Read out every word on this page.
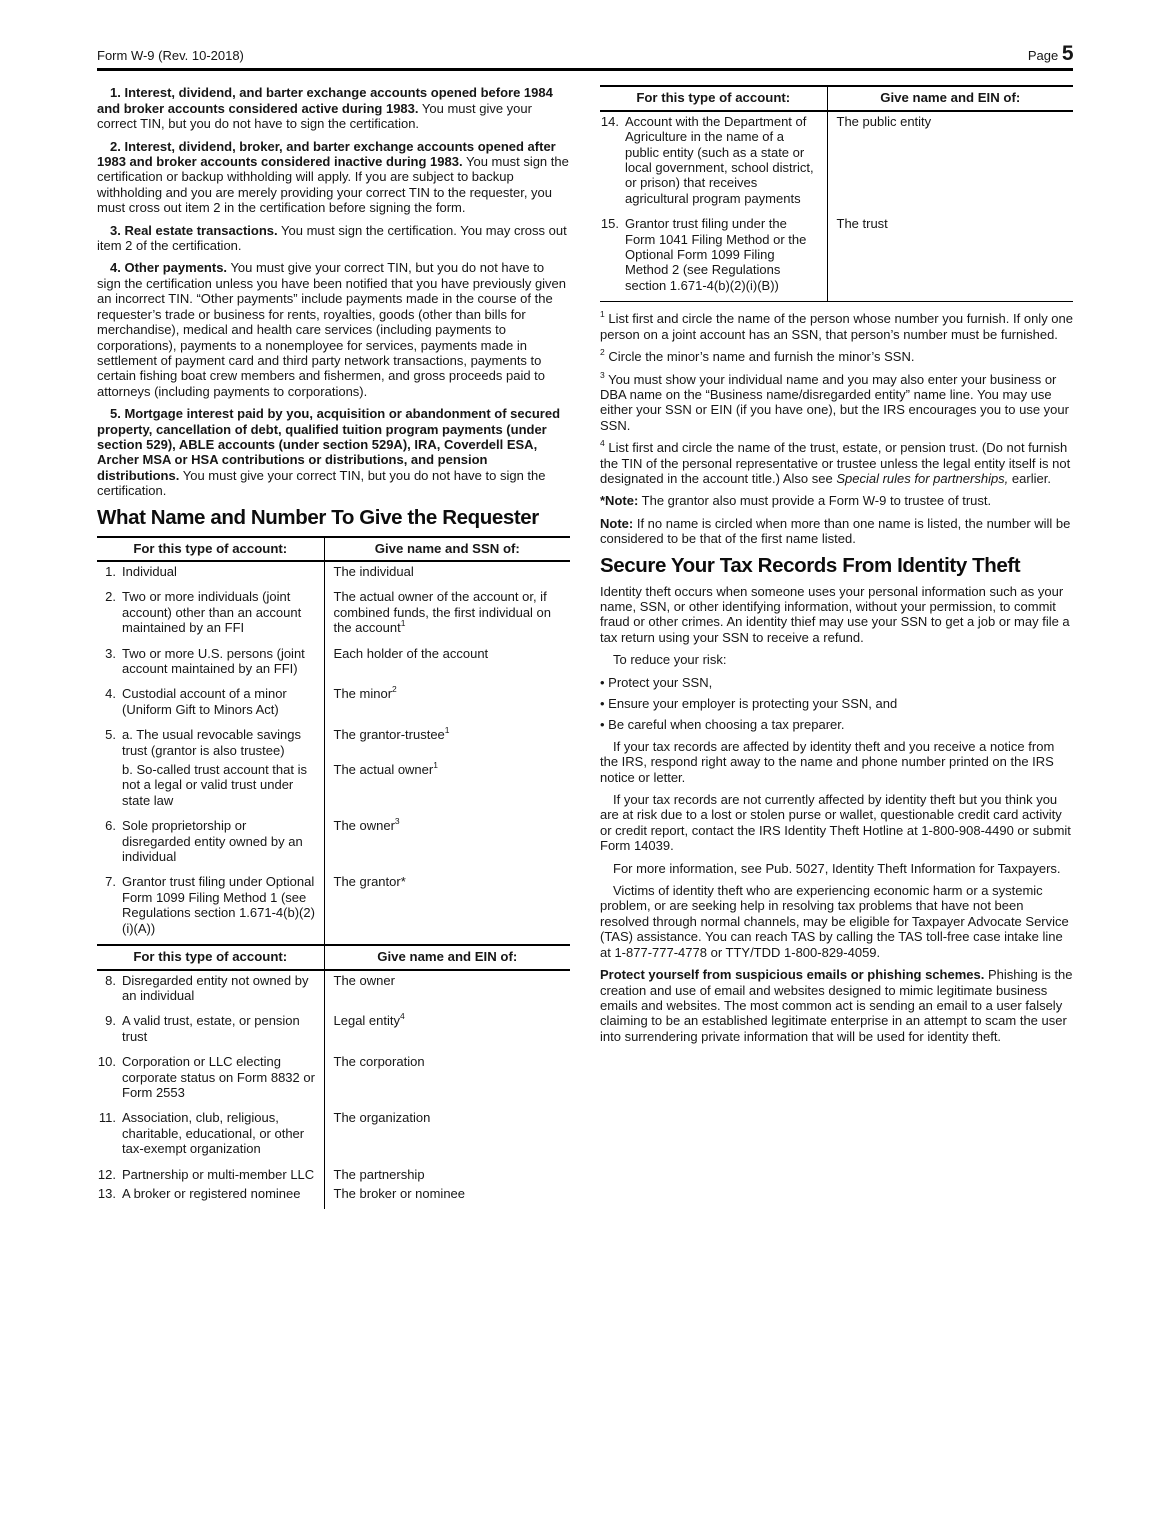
Form W-9 (Rev. 10-2018)	Page 5

1. Interest, dividend, and barter exchange accounts opened before 1984 and broker accounts considered active during 1983. You must give your correct TIN, but you do not have to sign the certification.

2. Interest, dividend, broker, and barter exchange accounts opened after 1983 and broker accounts considered inactive during 1983. You must sign the certification or backup withholding will apply. If you are subject to backup withholding and you are merely providing your correct TIN to the requester, you must cross out item 2 in the certification before signing the form.

3. Real estate transactions. You must sign the certification. You may cross out item 2 of the certification.

4. Other payments. You must give your correct TIN, but you do not have to sign the certification unless you have been notified that you have previously given an incorrect TIN. “Other payments” include payments made in the course of the requester’s trade or business for rents, royalties, goods (other than bills for merchandise), medical and health care services (including payments to corporations), payments to a nonemployee for services, payments made in settlement of payment card and third party network transactions, payments to certain fishing boat crew members and fishermen, and gross proceeds paid to attorneys (including payments to corporations).

5. Mortgage interest paid by you, acquisition or abandonment of secured property, cancellation of debt, qualified tuition program payments (under section 529), ABLE accounts (under section 529A), IRA, Coverdell ESA, Archer MSA or HSA contributions or distributions, and pension distributions. You must give your correct TIN, but you do not have to sign the certification.

What Name and Number To Give the Requester
For this type of account:	Give name and SSN of:

1. Individual	The individual

2. Two or more individuals (joint account) other than an account maintained by an FFI	The actual owner of the account or, if combined funds, the first individual on the account$^1$

3. Two or more U.S. persons (joint account maintained by an FFI)	Each holder of the account

4. Custodial account of a minor (Uniform Gift to Minors Act)	The minor$^2$

5. a. The usual revocable savings trust (grantor is also trustee)	The grantor-trustee$^1$

b. So-called trust account that is not a legal or valid trust under state law	The actual owner$^1$

6. Sole proprietorship or disregarded entity owned by an individual	The owner$^3$

7. Grantor trust filing under Optional Form 1099 Filing Method 1 (see Regulations section 1.671-4(b)(2)(i)(A))	The grantor*
For this type of account:	Give name and EIN of:

8. Disregarded entity not owned by an individual	The owner

9. A valid trust, estate, or pension trust	Legal entity$^4$

10. Corporation or LLC electing corporate status on Form 8832 or Form 2553	The corporation

11. Association, club, religious, charitable, educational, or other tax-exempt organization	The organization

12. Partnership or multi-member LLC	The partnership

13. A broker or registered nominee	The broker or nominee
For this type of account:	Give name and EIN of:

14. Account with the Department of Agriculture in the name of a public entity (such as a state or local government, school district, or prison) that receives agricultural program payments	The public entity

15. Grantor trust filing under the Form 1041 Filing Method or the Optional Form 1099 Filing Method 2 (see Regulations section 1.671-4(b)(2)(i)(B))	The trust

$^1$ List first and circle the name of the person whose number you furnish. If only one person on a joint account has an SSN, that person’s number must be furnished.

$^2$ Circle the minor’s name and furnish the minor’s SSN.

$^3$ You must show your individual name and you may also enter your business or DBA name on the “Business name/disregarded entity” name line. You may use either your SSN or EIN (if you have one), but the IRS encourages you to use your SSN.

$^4$ List first and circle the name of the trust, estate, or pension trust. (Do not furnish the TIN of the personal representative or trustee unless the legal entity itself is not designated in the account title.) Also see Special rules for partnerships, earlier.

*Note: The grantor also must provide a Form W-9 to trustee of trust.

Note: If no name is circled when more than one name is listed, the number will be considered to be that of the first name listed.

Secure Your Tax Records From Identity Theft

Identity theft occurs when someone uses your personal information such as your name, SSN, or other identifying information, without your permission, to commit fraud or other crimes. An identity thief may use your SSN to get a job or may file a tax return using your SSN to receive a refund.

To reduce your risk:

• Protect your SSN,
• Ensure your employer is protecting your SSN, and
• Be careful when choosing a tax preparer.

If your tax records are affected by identity theft and you receive a notice from the IRS, respond right away to the name and phone number printed on the IRS notice or letter.

If your tax records are not currently affected by identity theft but you think you are at risk due to a lost or stolen purse or wallet, questionable credit card activity or credit report, contact the IRS Identity Theft Hotline at 1-800-908-4490 or submit Form 14039.

For more information, see Pub. 5027, Identity Theft Information for Taxpayers.

Victims of identity theft who are experiencing economic harm or a systemic problem, or are seeking help in resolving tax problems that have not been resolved through normal channels, may be eligible for Taxpayer Advocate Service (TAS) assistance. You can reach TAS by calling the TAS toll-free case intake line at 1-877-777-4778 or TTY/TDD 1-800-829-4059.

Protect yourself from suspicious emails or phishing schemes. Phishing is the creation and use of email and websites designed to mimic legitimate business emails and websites. The most common act is sending an email to a user falsely claiming to be an established legitimate enterprise in an attempt to scam the user into surrendering private information that will be used for identity theft.
